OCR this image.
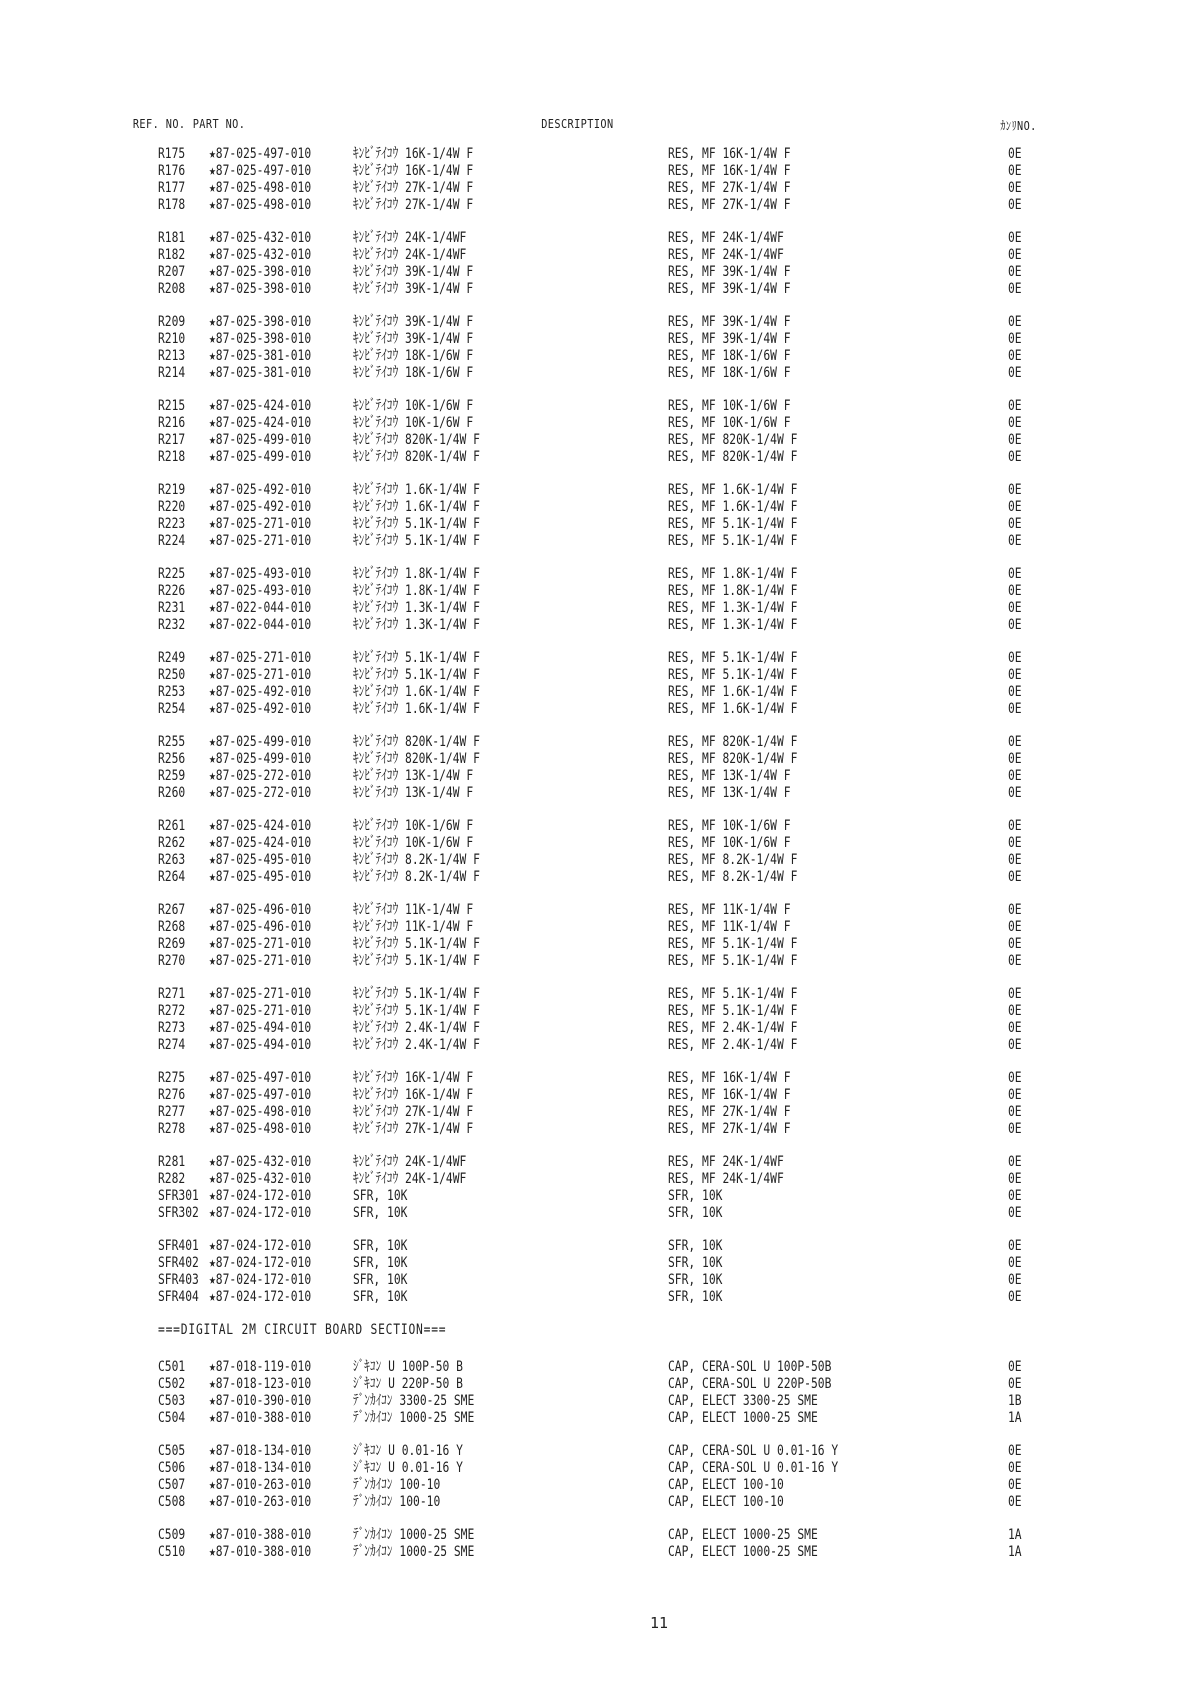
REF. NO. PART NO.	DESCRIPTION	ｶﾝﾘNO.
R175 ★87-025-497-010	ｷﾝﾋﾞﾃｲｺｳ 16K-1/4W F	RES, MF 16K-1/4W F	0E
R176 ★87-025-497-010	ｷﾝﾋﾞﾃｲｺｳ 16K-1/4W F	RES, MF 16K-1/4W F	0E
R177 ★87-025-498-010	ｷﾝﾋﾞﾃｲｺｳ 27K-1/4W F	RES, MF 27K-1/4W F	0E
R178 ★87-025-498-010	ｷﾝﾋﾞﾃｲｺｳ 27K-1/4W F	RES, MF 27K-1/4W F	0E
R181 ★87-025-432-010	ｷﾝﾋﾞﾃｲｺｳ 24K-1/4WF	RES, MF 24K-1/4WF	0E
R182 ★87-025-432-010	ｷﾝﾋﾞﾃｲｺｳ 24K-1/4WF	RES, MF 24K-1/4WF	0E
R207 ★87-025-398-010	ｷﾝﾋﾞﾃｲｺｳ 39K-1/4W F	RES, MF 39K-1/4W F	0E
R208 ★87-025-398-010	ｷﾝﾋﾞﾃｲｺｳ 39K-1/4W F	RES, MF 39K-1/4W F	0E
R209 ★87-025-398-010	ｷﾝﾋﾞﾃｲｺｳ 39K-1/4W F	RES, MF 39K-1/4W F	0E
R210 ★87-025-398-010	ｷﾝﾋﾞﾃｲｺｳ 39K-1/4W F	RES, MF 39K-1/4W F	0E
R213 ★87-025-381-010	ｷﾝﾋﾞﾃｲｺｳ 18K-1/6W F	RES, MF 18K-1/6W F	0E
R214 ★87-025-381-010	ｷﾝﾋﾞﾃｲｺｳ 18K-1/6W F	RES, MF 18K-1/6W F	0E
R215 ★87-025-424-010	ｷﾝﾋﾞﾃｲｺｳ 10K-1/6W F	RES, MF 10K-1/6W F	0E
R216 ★87-025-424-010	ｷﾝﾋﾞﾃｲｺｳ 10K-1/6W F	RES, MF 10K-1/6W F	0E
R217 ★87-025-499-010	ｷﾝﾋﾞﾃｲｺｳ 820K-1/4W F	RES, MF 820K-1/4W F	0E
R218 ★87-025-499-010	ｷﾝﾋﾞﾃｲｺｳ 820K-1/4W F	RES, MF 820K-1/4W F	0E
R219 ★87-025-492-010	ｷﾝﾋﾞﾃｲｺｳ 1.6K-1/4W F	RES, MF 1.6K-1/4W F	0E
R220 ★87-025-492-010	ｷﾝﾋﾞﾃｲｺｳ 1.6K-1/4W F	RES, MF 1.6K-1/4W F	0E
R223 ★87-025-271-010	ｷﾝﾋﾞﾃｲｺｳ 5.1K-1/4W F	RES, MF 5.1K-1/4W F	0E
R224 ★87-025-271-010	ｷﾝﾋﾞﾃｲｺｳ 5.1K-1/4W F	RES, MF 5.1K-1/4W F	0E
R225 ★87-025-493-010	ｷﾝﾋﾞﾃｲｺｳ 1.8K-1/4W F	RES, MF 1.8K-1/4W F	0E
R226 ★87-025-493-010	ｷﾝﾋﾞﾃｲｺｳ 1.8K-1/4W F	RES, MF 1.8K-1/4W F	0E
R231 ★87-022-044-010	ｷﾝﾋﾞﾃｲｺｳ 1.3K-1/4W F	RES, MF 1.3K-1/4W F	0E
R232 ★87-022-044-010	ｷﾝﾋﾞﾃｲｺｳ 1.3K-1/4W F	RES, MF 1.3K-1/4W F	0E
R249 ★87-025-271-010	ｷﾝﾋﾞﾃｲｺｳ 5.1K-1/4W F	RES, MF 5.1K-1/4W F	0E
R250 ★87-025-271-010	ｷﾝﾋﾞﾃｲｺｳ 5.1K-1/4W F	RES, MF 5.1K-1/4W F	0E
R253 ★87-025-492-010	ｷﾝﾋﾞﾃｲｺｳ 1.6K-1/4W F	RES, MF 1.6K-1/4W F	0E
R254 ★87-025-492-010	ｷﾝﾋﾞﾃｲｺｳ 1.6K-1/4W F	RES, MF 1.6K-1/4W F	0E
R255 ★87-025-499-010	ｷﾝﾋﾞﾃｲｺｳ 820K-1/4W F	RES, MF 820K-1/4W F	0E
R256 ★87-025-499-010	ｷﾝﾋﾞﾃｲｺｳ 820K-1/4W F	RES, MF 820K-1/4W F	0E
R259 ★87-025-272-010	ｷﾝﾋﾞﾃｲｺｳ 13K-1/4W F	RES, MF 13K-1/4W F	0E
R260 ★87-025-272-010	ｷﾝﾋﾞﾃｲｺｳ 13K-1/4W F	RES, MF 13K-1/4W F	0E
R261 ★87-025-424-010	ｷﾝﾋﾞﾃｲｺｳ 10K-1/6W F	RES, MF 10K-1/6W F	0E
R262 ★87-025-424-010	ｷﾝﾋﾞﾃｲｺｳ 10K-1/6W F	RES, MF 10K-1/6W F	0E
R263 ★87-025-495-010	ｷﾝﾋﾞﾃｲｺｳ 8.2K-1/4W F	RES, MF 8.2K-1/4W F	0E
R264 ★87-025-495-010	ｷﾝﾋﾞﾃｲｺｳ 8.2K-1/4W F	RES, MF 8.2K-1/4W F	0E
R267 ★87-025-496-010	ｷﾝﾋﾞﾃｲｺｳ 11K-1/4W F	RES, MF 11K-1/4W F	0E
R268 ★87-025-496-010	ｷﾝﾋﾞﾃｲｺｳ 11K-1/4W F	RES, MF 11K-1/4W F	0E
R269 ★87-025-271-010	ｷﾝﾋﾞﾃｲｺｳ 5.1K-1/4W F	RES, MF 5.1K-1/4W F	0E
R270 ★87-025-271-010	ｷﾝﾋﾞﾃｲｺｳ 5.1K-1/4W F	RES, MF 5.1K-1/4W F	0E
R271 ★87-025-271-010	ｷﾝﾋﾞﾃｲｺｳ 5.1K-1/4W F	RES, MF 5.1K-1/4W F	0E
R272 ★87-025-271-010	ｷﾝﾋﾞﾃｲｺｳ 5.1K-1/4W F	RES, MF 5.1K-1/4W F	0E
R273 ★87-025-494-010	ｷﾝﾋﾞﾃｲｺｳ 2.4K-1/4W F	RES, MF 2.4K-1/4W F	0E
R274 ★87-025-494-010	ｷﾝﾋﾞﾃｲｺｳ 2.4K-1/4W F	RES, MF 2.4K-1/4W F	0E
R275 ★87-025-497-010	ｷﾝﾋﾞﾃｲｺｳ 16K-1/4W F	RES, MF 16K-1/4W F	0E
R276 ★87-025-497-010	ｷﾝﾋﾞﾃｲｺｳ 16K-1/4W F	RES, MF 16K-1/4W F	0E
R277 ★87-025-498-010	ｷﾝﾋﾞﾃｲｺｳ 27K-1/4W F	RES, MF 27K-1/4W F	0E
R278 ★87-025-498-010	ｷﾝﾋﾞﾃｲｺｳ 27K-1/4W F	RES, MF 27K-1/4W F	0E
R281 ★87-025-432-010	ｷﾝﾋﾞﾃｲｺｳ 24K-1/4WF	RES, MF 24K-1/4WF	0E
R282 ★87-025-432-010	ｷﾝﾋﾞﾃｲｺｳ 24K-1/4WF	RES, MF 24K-1/4WF	0E
SFR301 ★87-024-172-010	SFR, 10K	SFR, 10K	0E
SFR302 ★87-024-172-010	SFR, 10K	SFR, 10K	0E
SFR401 ★87-024-172-010	SFR, 10K	SFR, 10K	0E
SFR402 ★87-024-172-010	SFR, 10K	SFR, 10K	0E
SFR403 ★87-024-172-010	SFR, 10K	SFR, 10K	0E
SFR404 ★87-024-172-010	SFR, 10K	SFR, 10K	0E
===DIGITAL 2M CIRCUIT BOARD SECTION===
C501 ★87-018-119-010	ｼﾞｷｺﾝ U 100P-50 B	CAP, CERA-SOL U 100P-50B	0E
C502 ★87-018-123-010	ｼﾞｷｺﾝ U 220P-50 B	CAP, CERA-SOL U 220P-50B	0E
C503 ★87-010-390-010	ﾃﾞﾝｶｲｺﾝ 3300-25 SME	CAP, ELECT 3300-25 SME	1B
C504 ★87-010-388-010	ﾃﾞﾝｶｲｺﾝ 1000-25 SME	CAP, ELECT 1000-25 SME	1A
C505 ★87-018-134-010	ｼﾞｷｺﾝ U 0.01-16 Y	CAP, CERA-SOL U 0.01-16 Y	0E
C506 ★87-018-134-010	ｼﾞｷｺﾝ U 0.01-16 Y	CAP, CERA-SOL U 0.01-16 Y	0E
C507 ★87-010-263-010	ﾃﾞﾝｶｲｺﾝ 100-10	CAP, ELECT 100-10	0E
C508 ★87-010-263-010	ﾃﾞﾝｶｲｺﾝ 100-10	CAP, ELECT 100-10	0E
C509 ★87-010-388-010	ﾃﾞﾝｶｲｺﾝ 1000-25 SME	CAP, ELECT 1000-25 SME	1A
C510 ★87-010-388-010	ﾃﾞﾝｶｲｺﾝ 1000-25 SME	CAP, ELECT 1000-25 SME	1A
11
